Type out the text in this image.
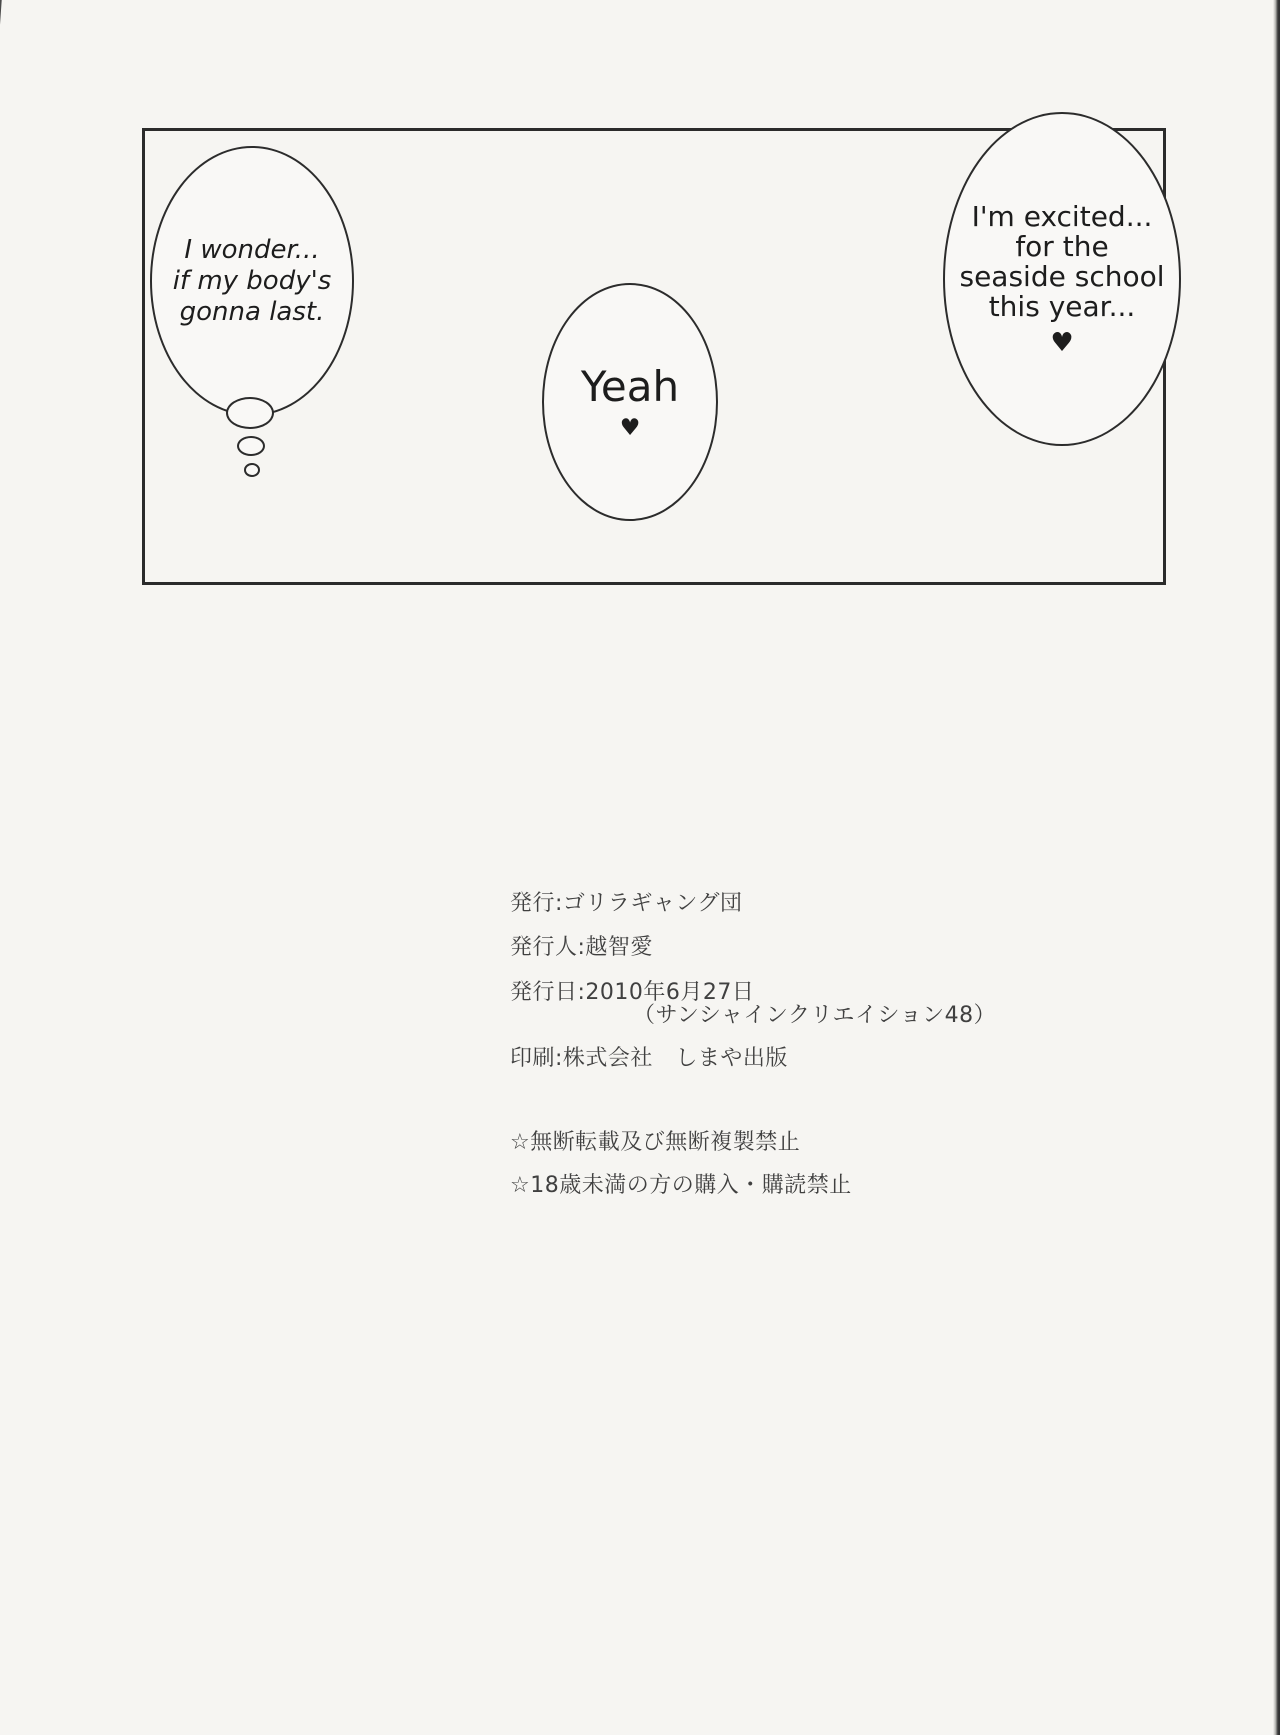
I wonder...
if my body's
gonna last.
Yeah
♥
I'm excited...
for the
seaside school
this year...
♥
発行:ゴリラギャング団
発行人:越智愛
発行日:2010年6月27日
（サンシャインクリエイション48）
印刷:株式会社　しまや出版
☆無断転載及び無断複製禁止
☆18歳未満の方の購入・購読禁止
